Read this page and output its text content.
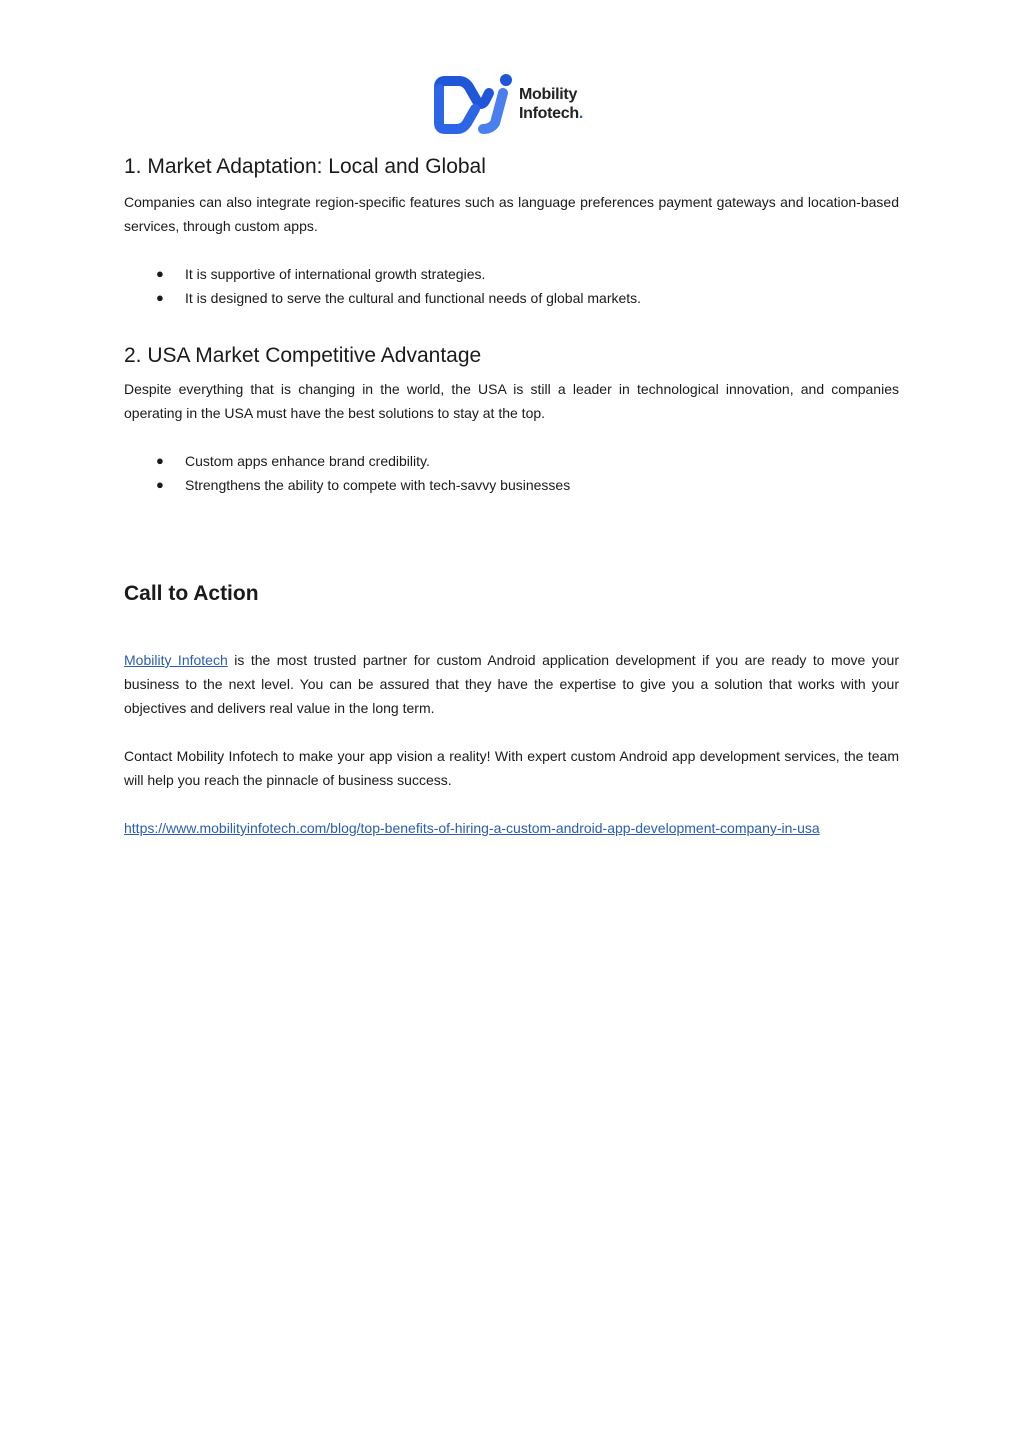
Mobility
Infotech.
1. Market Adaptation: Local and Global

Companies can also integrate region-specific features such as language preferences payment gateways and location-based services, through custom apps.

● It is supportive of international growth strategies.
● It is designed to serve the cultural and functional needs of global markets.
2. USA Market Competitive Advantage

Despite everything that is changing in the world, the USA is still a leader in technological innovation, and companies operating in the USA must have the best solutions to stay at the top.

● Custom apps enhance brand credibility.
● Strengthens the ability to compete with tech-savvy businesses
Call to Action

Mobility Infotech is the most trusted partner for custom Android application development if you are ready to move your business to the next level. You can be assured that they have the expertise to give you a solution that works with your objectives and delivers real value in the long term.

Contact Mobility Infotech to make your app vision a reality! With expert custom Android app development services, the team will help you reach the pinnacle of business success.

https://www.mobilityinfotech.com/blog/top-benefits-of-hiring-a-custom-android-app-development-company-in-usa
